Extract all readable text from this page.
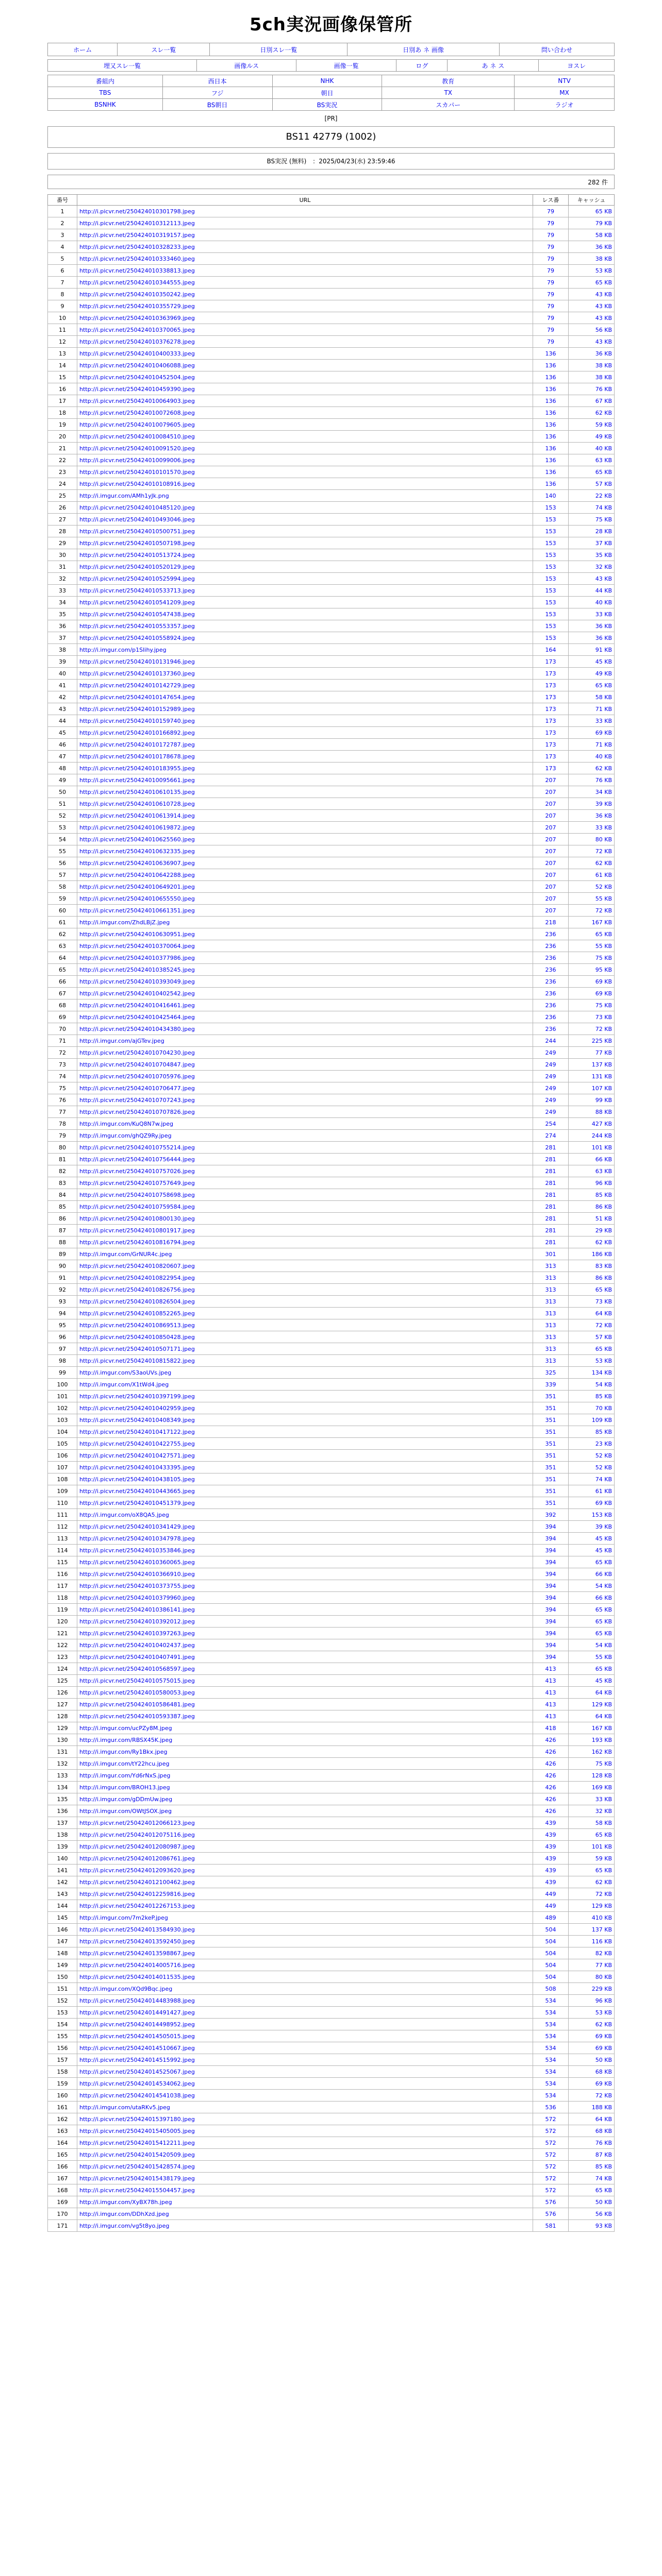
5ch実況画像保管所
ホーム	スレ一覧	日別スレ一覧	日別あ ネ 画像	問い合わせ
埋又スレ一覧	画像ルス	画像一覧	ログ	あ ネ ス	ヨスレ
番組内	西日本	NHK	教育	NTV
TBS	フジ	朝日	TX	MX
BSNHK	BS朝日	BS実況	スカパー	ラジオ
[PR]
BS11 42779 (1002)
BS実況 (無料)　：2025/04/23(水) 23:59:46
282 件
番号	URL	レス番	キャッシュ
1	http://i.picvr.net/250424010301798.jpeg	79	65 KB
2	http://i.picvr.net/250424010312113.jpeg	79	79 KB
3	http://i.picvr.net/250424010319157.jpeg	79	58 KB
4	http://i.picvr.net/250424010328233.jpeg	79	36 KB
5	http://i.picvr.net/250424010333460.jpeg	79	38 KB
6	http://i.picvr.net/250424010338813.jpeg	79	53 KB
7	http://i.picvr.net/250424010344555.jpeg	79	65 KB
8	http://i.picvr.net/250424010350242.jpeg	79	43 KB
9	http://i.picvr.net/250424010355729.jpeg	79	43 KB
10	http://i.picvr.net/250424010363969.jpeg	79	43 KB
11	http://i.picvr.net/250424010370065.jpeg	79	56 KB
12	http://i.picvr.net/250424010376278.jpeg	79	43 KB
13	http://i.picvr.net/250424010400333.jpeg	136	36 KB
14	http://i.picvr.net/250424010406088.jpeg	136	38 KB
15	http://i.picvr.net/250424010452504.jpeg	136	38 KB
16	http://i.picvr.net/250424010459390.jpeg	136	76 KB
17	http://i.picvr.net/250424010064903.jpeg	136	67 KB
18	http://i.picvr.net/250424010072608.jpeg	136	62 KB
19	http://i.picvr.net/250424010079605.jpeg	136	59 KB
20	http://i.picvr.net/250424010084510.jpeg	136	49 KB
21	http://i.picvr.net/250424010091520.jpeg	136	40 KB
22	http://i.picvr.net/250424010099006.jpeg	136	63 KB
23	http://i.picvr.net/250424010101570.jpeg	136	65 KB
24	http://i.picvr.net/250424010108916.jpeg	136	57 KB
25	http://i.imgur.com/AMh1yJk.png	140	22 KB
26	http://i.picvr.net/250424010485120.jpeg	153	74 KB
27	http://i.picvr.net/250424010493046.jpeg	153	75 KB
28	http://i.picvr.net/250424010500751.jpeg	153	28 KB
29	http://i.picvr.net/250424010507198.jpeg	153	37 KB
30	http://i.picvr.net/250424010513724.jpeg	153	35 KB
31	http://i.picvr.net/250424010520129.jpeg	153	32 KB
32	http://i.picvr.net/250424010525994.jpeg	153	43 KB
33	http://i.picvr.net/250424010533713.jpeg	153	44 KB
34	http://i.picvr.net/250424010541209.jpeg	153	40 KB
35	http://i.picvr.net/250424010547438.jpeg	153	33 KB
36	http://i.picvr.net/250424010553357.jpeg	153	36 KB
37	http://i.picvr.net/250424010558924.jpeg	153	36 KB
38	http://i.imgur.com/p1SIihy.jpeg	164	91 KB
39	http://i.picvr.net/250424010131946.jpeg	173	45 KB
40	http://i.picvr.net/250424010137360.jpeg	173	49 KB
41	http://i.picvr.net/250424010142729.jpeg	173	65 KB
42	http://i.picvr.net/250424010147654.jpeg	173	58 KB
43	http://i.picvr.net/250424010152989.jpeg	173	71 KB
44	http://i.picvr.net/250424010159740.jpeg	173	33 KB
45	http://i.picvr.net/250424010166892.jpeg	173	69 KB
46	http://i.picvr.net/250424010172787.jpeg	173	71 KB
47	http://i.picvr.net/250424010178678.jpeg	173	40 KB
48	http://i.picvr.net/250424010183955.jpeg	173	62 KB
49	http://i.picvr.net/250424010095661.jpeg	207	76 KB
50	http://i.picvr.net/250424010610135.jpeg	207	34 KB
51	http://i.picvr.net/250424010610728.jpeg	207	39 KB
52	http://i.picvr.net/250424010613914.jpeg	207	36 KB
53	http://i.picvr.net/250424010619872.jpeg	207	33 KB
54	http://i.picvr.net/250424010625560.jpeg	207	80 KB
55	http://i.picvr.net/250424010632335.jpeg	207	72 KB
56	http://i.picvr.net/250424010636907.jpeg	207	62 KB
57	http://i.picvr.net/250424010642288.jpeg	207	61 KB
58	http://i.picvr.net/250424010649201.jpeg	207	52 KB
59	http://i.picvr.net/250424010655550.jpeg	207	55 KB
60	http://i.picvr.net/250424010661351.jpeg	207	72 KB
61	http://i.imgur.com/ZhdLBjZ.jpeg	218	167 KB
62	http://i.picvr.net/250424010630951.jpeg	236	65 KB
63	http://i.picvr.net/250424010370064.jpeg	236	55 KB
64	http://i.picvr.net/250424010377986.jpeg	236	75 KB
65	http://i.picvr.net/250424010385245.jpeg	236	95 KB
66	http://i.picvr.net/250424010393049.jpeg	236	69 KB
67	http://i.picvr.net/250424010402542.jpeg	236	69 KB
68	http://i.picvr.net/250424010416461.jpeg	236	75 KB
69	http://i.picvr.net/250424010425464.jpeg	236	73 KB
70	http://i.picvr.net/250424010434380.jpeg	236	72 KB
71	http://i.imgur.com/ajGTev.jpeg	244	225 KB
72	http://i.picvr.net/250424010704230.jpeg	249	77 KB
73	http://i.picvr.net/250424010704847.jpeg	249	137 KB
74	http://i.picvr.net/250424010705976.jpeg	249	131 KB
75	http://i.picvr.net/250424010706477.jpeg	249	107 KB
76	http://i.picvr.net/250424010707243.jpeg	249	99 KB
77	http://i.picvr.net/250424010707826.jpeg	249	88 KB
78	http://i.imgur.com/KuQ8N7w.jpeg	254	427 KB
79	http://i.imgur.com/ghQZ9Ry.jpeg	274	244 KB
80	http://i.picvr.net/250424010755214.jpeg	281	101 KB
81	http://i.picvr.net/250424010756444.jpeg	281	66 KB
82	http://i.picvr.net/250424010757026.jpeg	281	63 KB
83	http://i.picvr.net/250424010757649.jpeg	281	96 KB
84	http://i.picvr.net/250424010758698.jpeg	281	85 KB
85	http://i.picvr.net/250424010759584.jpeg	281	86 KB
86	http://i.picvr.net/250424010800130.jpeg	281	51 KB
87	http://i.picvr.net/250424010801917.jpeg	281	29 KB
88	http://i.picvr.net/250424010816794.jpeg	281	62 KB
89	http://i.imgur.com/GrNUR4c.jpeg	301	186 KB
90	http://i.picvr.net/250424010820607.jpeg	313	83 KB
91	http://i.picvr.net/250424010822954.jpeg	313	86 KB
92	http://i.picvr.net/250424010826756.jpeg	313	65 KB
93	http://i.picvr.net/250424010826504.jpeg	313	73 KB
94	http://i.picvr.net/250424010852265.jpeg	313	64 KB
95	http://i.picvr.net/250424010869513.jpeg	313	72 KB
96	http://i.picvr.net/250424010850428.jpeg	313	57 KB
97	http://i.picvr.net/250424010507171.jpeg	313	65 KB
98	http://i.picvr.net/250424010815822.jpeg	313	53 KB
99	http://i.imgur.com/S3aoUVs.jpeg	325	134 KB
100	http://i.imgur.com/X1tWd4.jpeg	339	54 KB
101	http://i.picvr.net/250424010397199.jpeg	351	85 KB
102	http://i.picvr.net/250424010402959.jpeg	351	70 KB
103	http://i.picvr.net/250424010408349.jpeg	351	109 KB
104	http://i.picvr.net/250424010417122.jpeg	351	85 KB
105	http://i.picvr.net/250424010422755.jpeg	351	23 KB
106	http://i.picvr.net/250424010427571.jpeg	351	52 KB
107	http://i.picvr.net/250424010433395.jpeg	351	52 KB
108	http://i.picvr.net/250424010438105.jpeg	351	74 KB
109	http://i.picvr.net/250424010443665.jpeg	351	61 KB
110	http://i.picvr.net/250424010451379.jpeg	351	69 KB
111	http://i.imgur.com/oX8QA5.jpeg	392	153 KB
112	http://i.picvr.net/250424010341429.jpeg	394	39 KB
113	http://i.picvr.net/250424010347978.jpeg	394	45 KB
114	http://i.picvr.net/250424010353846.jpeg	394	45 KB
115	http://i.picvr.net/250424010360065.jpeg	394	65 KB
116	http://i.picvr.net/250424010366910.jpeg	394	66 KB
117	http://i.picvr.net/250424010373755.jpeg	394	54 KB
118	http://i.picvr.net/250424010379960.jpeg	394	66 KB
119	http://i.picvr.net/250424010386141.jpeg	394	65 KB
120	http://i.picvr.net/250424010392012.jpeg	394	65 KB
121	http://i.picvr.net/250424010397263.jpeg	394	65 KB
122	http://i.picvr.net/250424010402437.jpeg	394	54 KB
123	http://i.picvr.net/250424010407491.jpeg	394	55 KB
124	http://i.picvr.net/250424010568597.jpeg	413	65 KB
125	http://i.picvr.net/250424010575015.jpeg	413	45 KB
126	http://i.picvr.net/250424010580053.jpeg	413	64 KB
127	http://i.picvr.net/250424010586481.jpeg	413	129 KB
128	http://i.picvr.net/250424010593387.jpeg	413	64 KB
129	http://i.imgur.com/ucPZy8M.jpeg	418	167 KB
130	http://i.imgur.com/RBSX45K.jpeg	426	193 KB
131	http://i.imgur.com/Ry1Bkx.jpeg	426	162 KB
132	http://i.imgur.com/tY22hcu.jpeg	426	75 KB
133	http://i.imgur.com/Yd6rNxS.jpeg	426	128 KB
134	http://i.imgur.com/BROH13.jpeg	426	169 KB
135	http://i.imgur.com/gDDmUw.jpeg	426	33 KB
136	http://i.imgur.com/OWtJSOX.jpeg	426	32 KB
137	http://i.picvr.net/250424012066123.jpeg	439	58 KB
138	http://i.picvr.net/250424012075116.jpeg	439	65 KB
139	http://i.picvr.net/250424012080987.jpeg	439	101 KB
140	http://i.picvr.net/250424012086761.jpeg	439	59 KB
141	http://i.picvr.net/250424012093620.jpeg	439	65 KB
142	http://i.picvr.net/250424012100462.jpeg	439	62 KB
143	http://i.picvr.net/250424012259816.jpeg	449	72 KB
144	http://i.picvr.net/250424012267153.jpeg	449	129 KB
145	http://i.imgur.com/7m2keP.jpeg	489	410 KB
146	http://i.picvr.net/250424013584930.jpeg	504	137 KB
147	http://i.picvr.net/250424013592450.jpeg	504	116 KB
148	http://i.picvr.net/250424013598867.jpeg	504	82 KB
149	http://i.picvr.net/250424014005716.jpeg	504	77 KB
150	http://i.picvr.net/250424014011535.jpeg	504	80 KB
151	http://i.imgur.com/XQd9Bqc.jpeg	508	229 KB
152	http://i.picvr.net/250424014483988.jpeg	534	96 KB
153	http://i.picvr.net/250424014491427.jpeg	534	53 KB
154	http://i.picvr.net/250424014498952.jpeg	534	62 KB
155	http://i.picvr.net/250424014505015.jpeg	534	69 KB
156	http://i.picvr.net/250424014510667.jpeg	534	69 KB
157	http://i.picvr.net/250424014515992.jpeg	534	50 KB
158	http://i.picvr.net/250424014525067.jpeg	534	68 KB
159	http://i.picvr.net/250424014534062.jpeg	534	69 KB
160	http://i.picvr.net/250424014541038.jpeg	534	72 KB
161	http://i.imgur.com/utaRKv5.jpeg	536	188 KB
162	http://i.picvr.net/250424015397180.jpeg	572	64 KB
163	http://i.picvr.net/250424015405005.jpeg	572	68 KB
164	http://i.picvr.net/250424015412211.jpeg	572	76 KB
165	http://i.picvr.net/250424015420509.jpeg	572	87 KB
166	http://i.picvr.net/250424015428574.jpeg	572	85 KB
167	http://i.picvr.net/250424015438179.jpeg	572	74 KB
168	http://i.picvr.net/250424015504457.jpeg	572	65 KB
169	http://i.imgur.com/XyBX78h.jpeg	576	50 KB
170	http://i.imgur.com/DDhXzd.jpeg	576	56 KB
171	http://i.imgur.com/vg5t8yo.jpeg	581	93 KB
